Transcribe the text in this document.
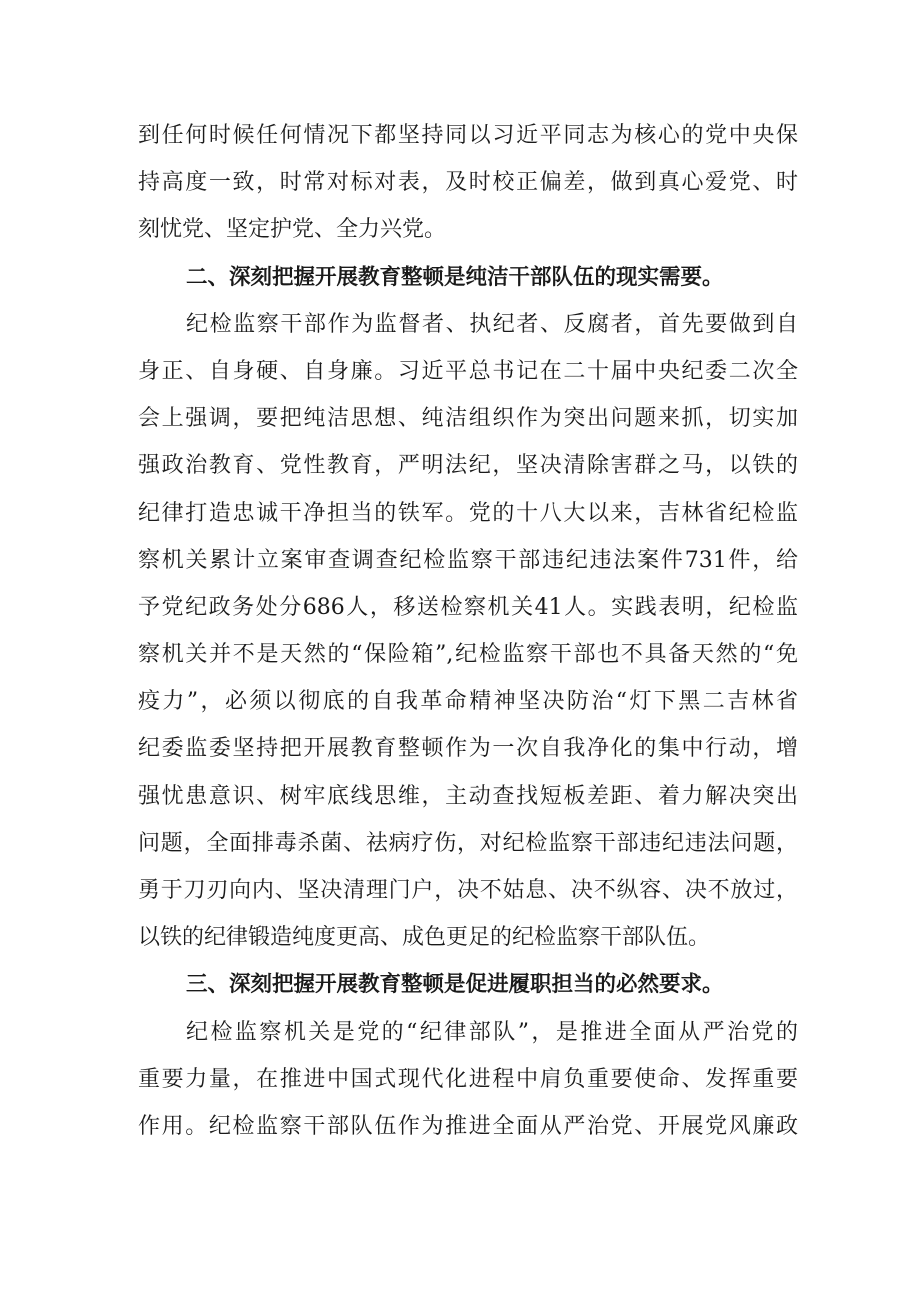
到任何时候任何情况下都坚持同以习近平同志为核心的党中央保
持高度一致，时常对标对表，及时校正偏差，做到真心爱党、时
刻忧党、坚定护党、全力兴党。
二、深刻把握开展教育整顿是纯洁干部队伍的现实需要。
纪检监察干部作为监督者、执纪者、反腐者，首先要做到自
身正、自身硬、自身廉。习近平总书记在二十届中央纪委二次全
会上强调，要把纯洁思想、纯洁组织作为突出问题来抓，切实加
强政治教育、党性教育，严明法纪，坚决清除害群之马，以铁的
纪律打造忠诚干净担当的铁军。党的十八大以来，吉林省纪检监
察机关累计立案审查调查纪检监察干部违纪违法案件731件，给
予党纪政务处分686人，移送检察机关41人。实践表明，纪检监
察机关并不是天然的“保险箱”,纪检监察干部也不具备天然的“免
疫力”，必须以彻底的自我革命精神坚决防治“灯下黑二吉林省
纪委监委坚持把开展教育整顿作为一次自我净化的集中行动，增
强忧患意识、树牢底线思维，主动查找短板差距、着力解决突出
问题，全面排毒杀菌、祛病疗伤，对纪检监察干部违纪违法问题，
勇于刀刃向内、坚决清理门户，决不姑息、决不纵容、决不放过，
以铁的纪律锻造纯度更高、成色更足的纪检监察干部队伍。
三、深刻把握开展教育整顿是促进履职担当的必然要求。
纪检监察机关是党的“纪律部队”，是推进全面从严治党的
重要力量，在推进中国式现代化进程中肩负重要使命、发挥重要
作用。纪检监察干部队伍作为推进全面从严治党、开展党风廉政
